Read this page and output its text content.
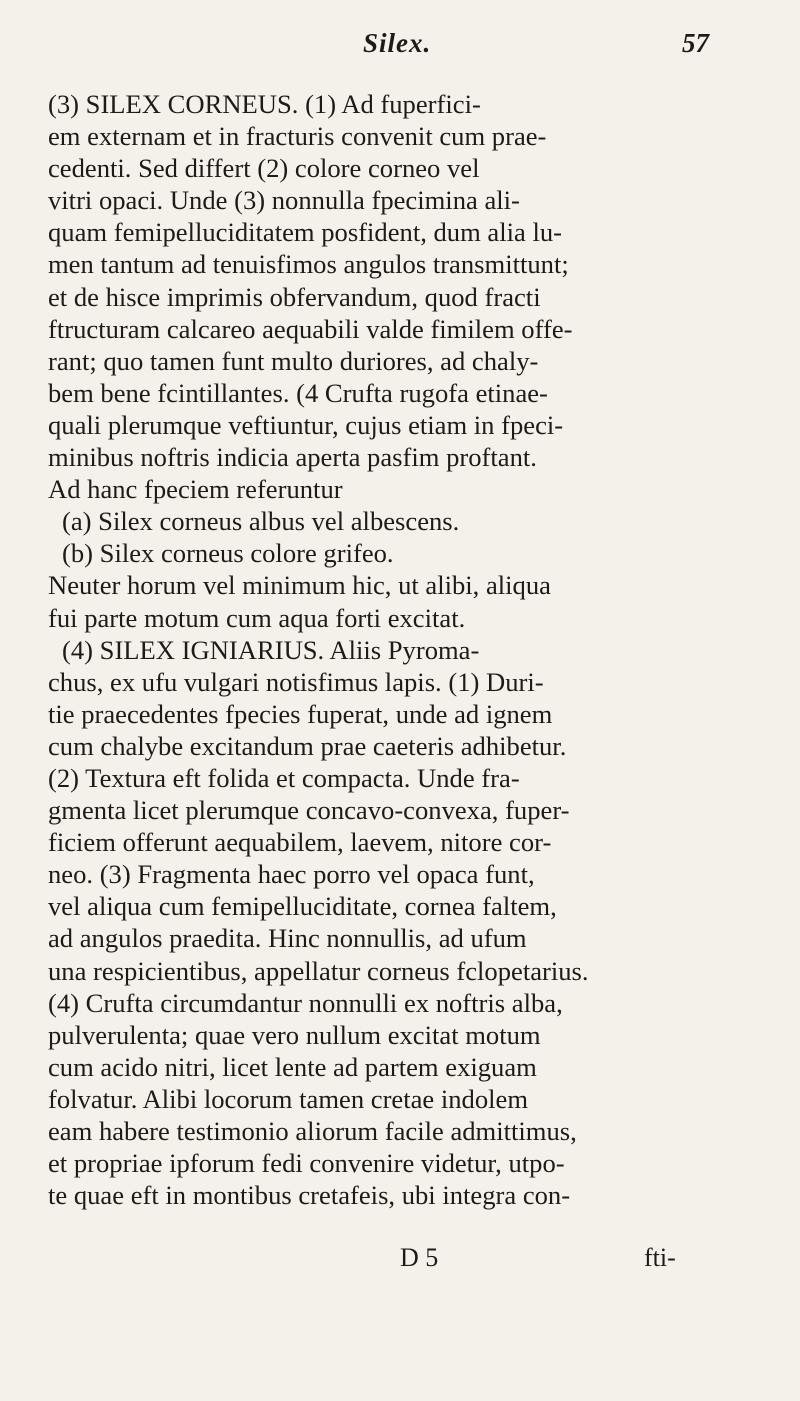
Silex.	57
(3) SILEX CORNEUS. (1) Ad fuperfici-
em externam et in fracturis convenit cum prae-
cedenti. Sed differt (2) colore corneo vel
vitri opaci. Unde (3) nonnulla fpecimina ali-
quam femipelluciditatem posfident, dum alia lu-
men tantum ad tenuisfimos angulos transmittunt;
et de hisce imprimis obfervandum, quod fracti
ftructuram calcareo aequabili valde fimilem offe-
rant; quo tamen funt multo duriores, ad chaly-
bem bene fcintillantes. (4 Crufta rugofa etinae-
quali plerumque veftiuntur, cujus etiam in fpeci-
minibus noftris indicia aperta pasfim proftant.
Ad hanc fpeciem referuntur
(a) Silex corneus albus vel albescens.
(b) Silex corneus colore grifeo.
Neuter horum vel minimum hic, ut alibi, aliqua
fui parte motum cum aqua forti excitat.
(4) SILEX IGNIARIUS. Aliis Pyroma-
chus, ex ufu vulgari notisfimus lapis. (1) Duri-
tie praecedentes fpecies fuperat, unde ad ignem
cum chalybe excitandum prae caeteris adhibetur.
(2) Textura eft folida et compacta. Unde fra-
gmenta licet plerumque concavo-convexa, fuper-
ficiem offerunt aequabilem, laevem, nitore cor-
neo. (3) Fragmenta haec porro vel opaca funt,
vel aliqua cum femipelluciditate, cornea faltem,
ad angulos praedita. Hinc nonnullis, ad ufum
una respicientibus, appellatur corneus fclopetarius.
(4) Crufta circumdantur nonnulli ex noftris alba,
pulverulenta; quae vero nullum excitat motum
cum acido nitri, licet lente ad partem exiguam
folvatur. Alibi locorum tamen cretae indolem
eam habere testimonio aliorum facile admittimus,
et propriae ipforum fedi convenire videtur, utpo-
te quae eft in montibus cretafeis, ubi integra con-
D 5	fti-
